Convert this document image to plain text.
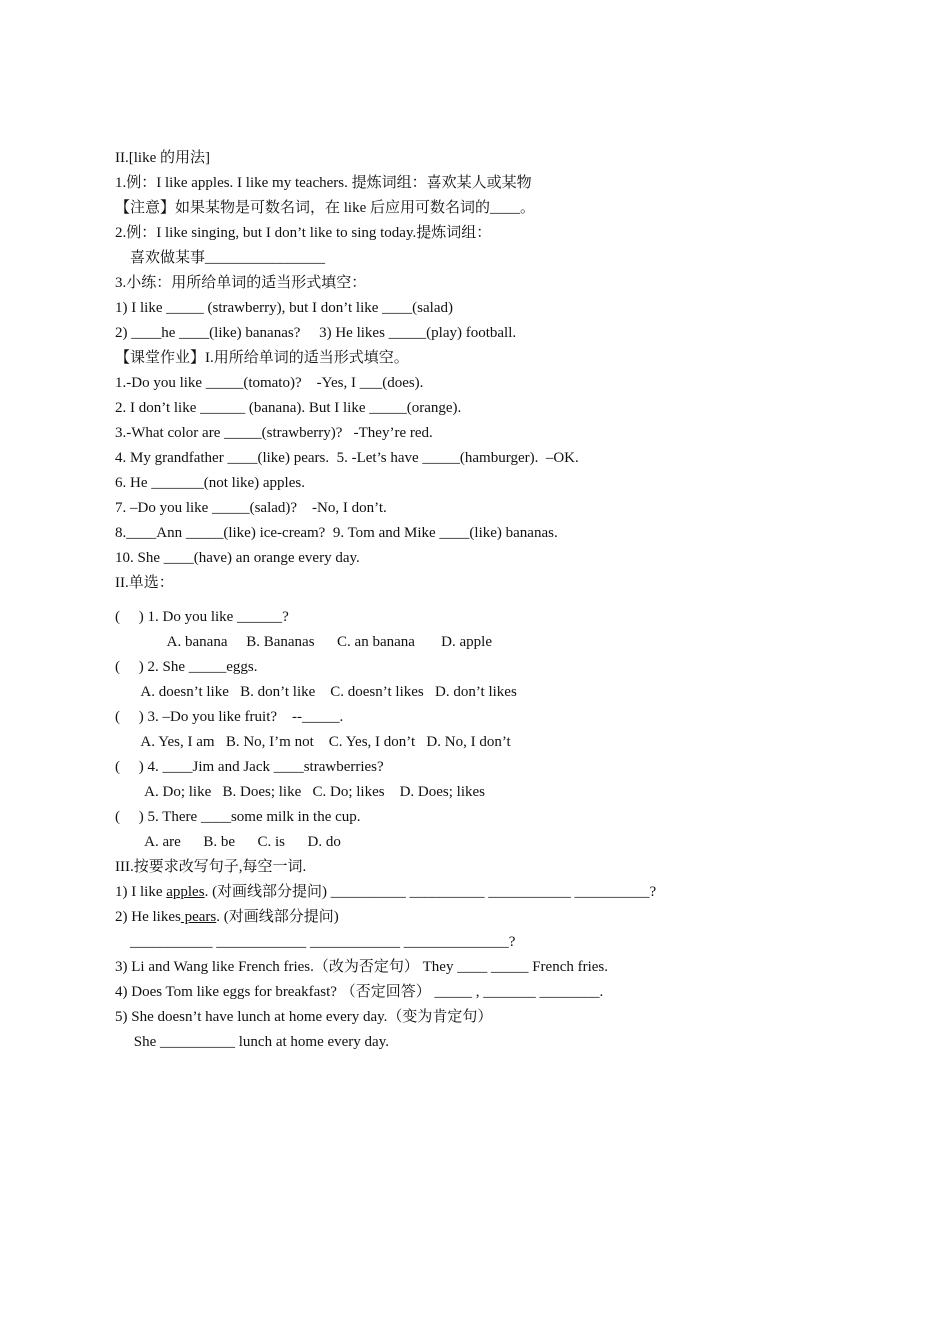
II.[like 的用法]
1.例：I like apples. I like my teachers. 提炼词组：喜欢某人或某物
【注意】如果某物是可数名词，在 like 后应用可数名词的____。
2.例：I like singing, but I don’t like to sing today.提炼词组：
喜欢做某事________________
3.小练：用所给单词的适当形式填空：
1) I like _____ (strawberry), but I don’t like ____(salad)
2) ____he ____(like) bananas?     3) He likes _____(play) football.
【课堂作业】I.用所给单词的适当形式填空。
1.-Do you like _____(tomato)?    -Yes, I ___(does).
2. I don’t like ______ (banana). But I like _____(orange).
3.-What color are _____(strawberry)?   -They’re red.
4. My grandfather ____(like) pears.  5. -Let’s have _____(hamburger).  –OK.
6. He _______(not like) apples.
7. –Do you like _____(salad)?    -No, I don’t.
8.____Ann _____(like) ice-cream?  9. Tom and Mike ____(like) bananas.
10. She ____(have) an orange every day.
II.单选：
(     ) 1. Do you like ______?
A. banana     B. Bananas      C. an banana       D. apple
(     ) 2. She _____eggs.
A. doesn’t like   B. don’t like    C. doesn’t likes   D. don’t likes
(     ) 3. –Do you like fruit?    --_____.
A. Yes, I am   B. No, I’m not    C. Yes, I don’t   D. No, I don’t
(     ) 4. ____Jim and Jack ____strawberries?
A. Do; like   B. Does; like   C. Do; likes    D. Does; likes
(     ) 5. There ____some milk in the cup.
A. are      B. be      C. is      D. do
III.按要求改写句子,每空一词.
1) I like apples. (对画线部分提问) __________ __________ ___________ __________?
2) He likes pears. (对画线部分提问)
___________ ____________ ____________ ______________?
3) Li and Wang like French fries.（改为否定句） They ____ _____ French fries.
4) Does Tom like eggs for breakfast? （否定回答） _____ , _______ ________.
5) She doesn’t have lunch at home every day.（变为肯定句）
She __________ lunch at home every day.
